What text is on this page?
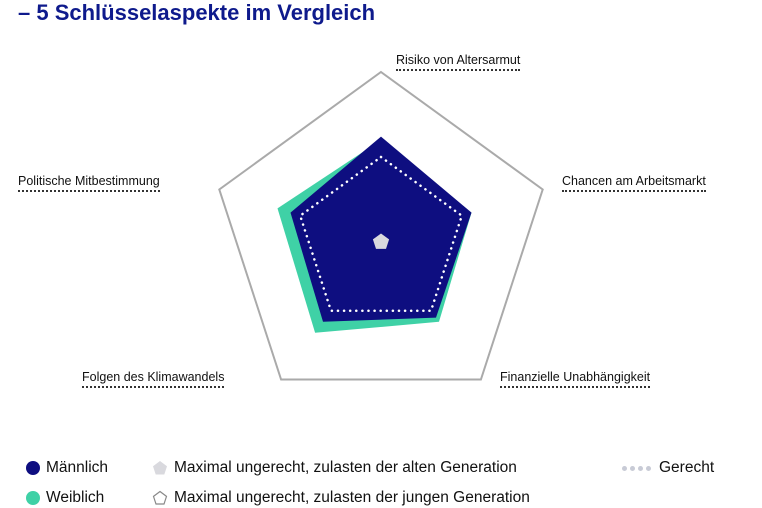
– 5 Schlüsselaspekte im Vergleich
Risiko von Altersarmut
Chancen am Arbeitsmarkt
Finanzielle Unabhängigkeit
Folgen des Klimawandels
Politische Mitbestimmung
Männlich
Weiblich
Maximal ungerecht, zulasten der alten Generation
Maximal ungerecht, zulasten der jungen Generation
Gerecht
